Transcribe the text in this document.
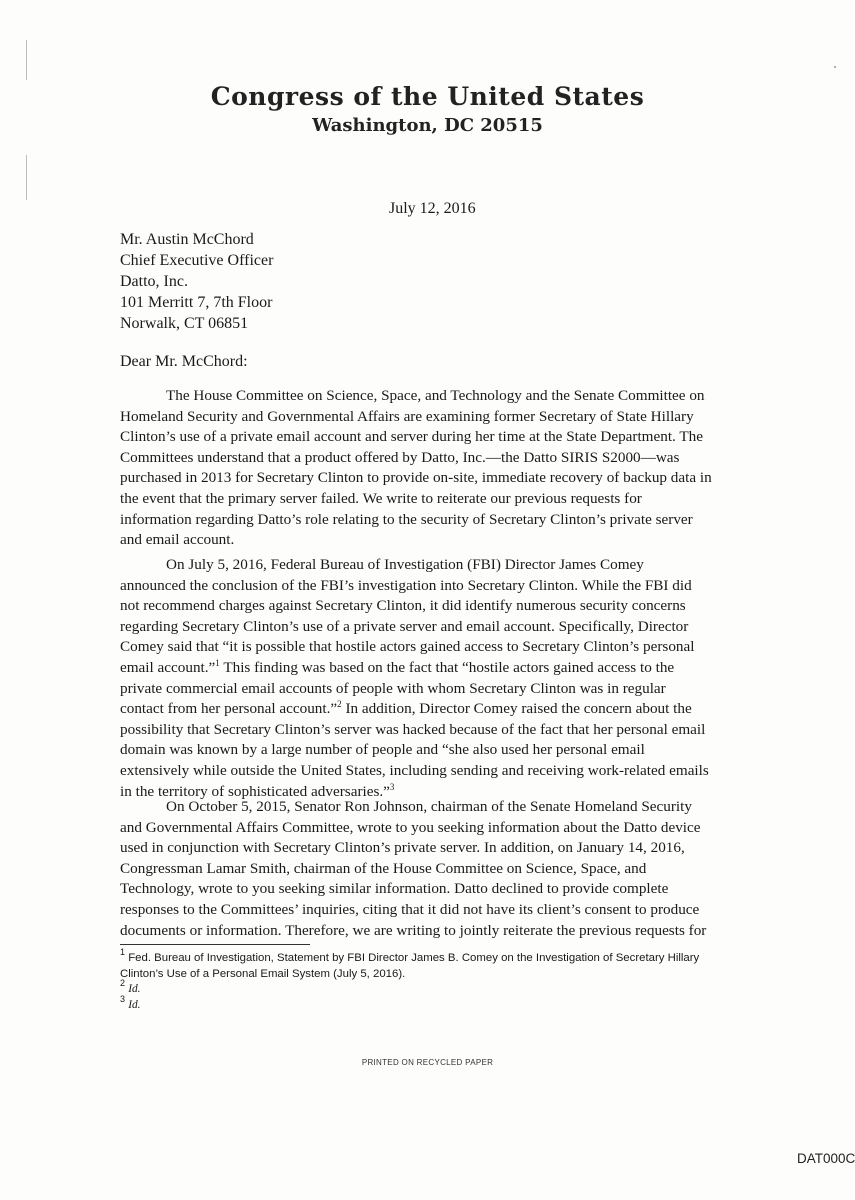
Congress of the United States
Washington, DC 20515
July 12, 2016
Mr. Austin McChord
Chief Executive Officer
Datto, Inc.
101 Merritt 7, 7th Floor
Norwalk, CT 06851
Dear Mr. McChord:
The House Committee on Science, Space, and Technology and the Senate Committee on
Homeland Security and Governmental Affairs are examining former Secretary of State Hillary
Clinton’s use of a private email account and server during her time at the State Department. The
Committees understand that a product offered by Datto, Inc.—the Datto SIRIS S2000—was
purchased in 2013 for Secretary Clinton to provide on-site, immediate recovery of backup data in
the event that the primary server failed. We write to reiterate our previous requests for
information regarding Datto’s role relating to the security of Secretary Clinton’s private server
and email account.
On July 5, 2016, Federal Bureau of Investigation (FBI) Director James Comey
announced the conclusion of the FBI’s investigation into Secretary Clinton. While the FBI did
not recommend charges against Secretary Clinton, it did identify numerous security concerns
regarding Secretary Clinton’s use of a private server and email account. Specifically, Director
Comey said that “it is possible that hostile actors gained access to Secretary Clinton’s personal
email account.”$^1$ This finding was based on the fact that “hostile actors gained access to the
private commercial email accounts of people with whom Secretary Clinton was in regular
contact from her personal account.”$^2$ In addition, Director Comey raised the concern about the
possibility that Secretary Clinton’s server was hacked because of the fact that her personal email
domain was known by a large number of people and “she also used her personal email
extensively while outside the United States, including sending and receiving work-related emails
in the territory of sophisticated adversaries.”$^3$
On October 5, 2015, Senator Ron Johnson, chairman of the Senate Homeland Security
and Governmental Affairs Committee, wrote to you seeking information about the Datto device
used in conjunction with Secretary Clinton’s private server. In addition, on January 14, 2016,
Congressman Lamar Smith, chairman of the House Committee on Science, Space, and
Technology, wrote to you seeking similar information. Datto declined to provide complete
responses to the Committees’ inquiries, citing that it did not have its client’s consent to produce
documents or information. Therefore, we are writing to jointly reiterate the previous requests for
$^1$ Fed. Bureau of Investigation, Statement by FBI Director James B. Comey on the Investigation of Secretary Hillary
Clinton’s Use of a Personal Email System (July 5, 2016).
$^2$ Id.
$^3$ Id.
PRINTED ON RECYCLED PAPER
DAT000C
